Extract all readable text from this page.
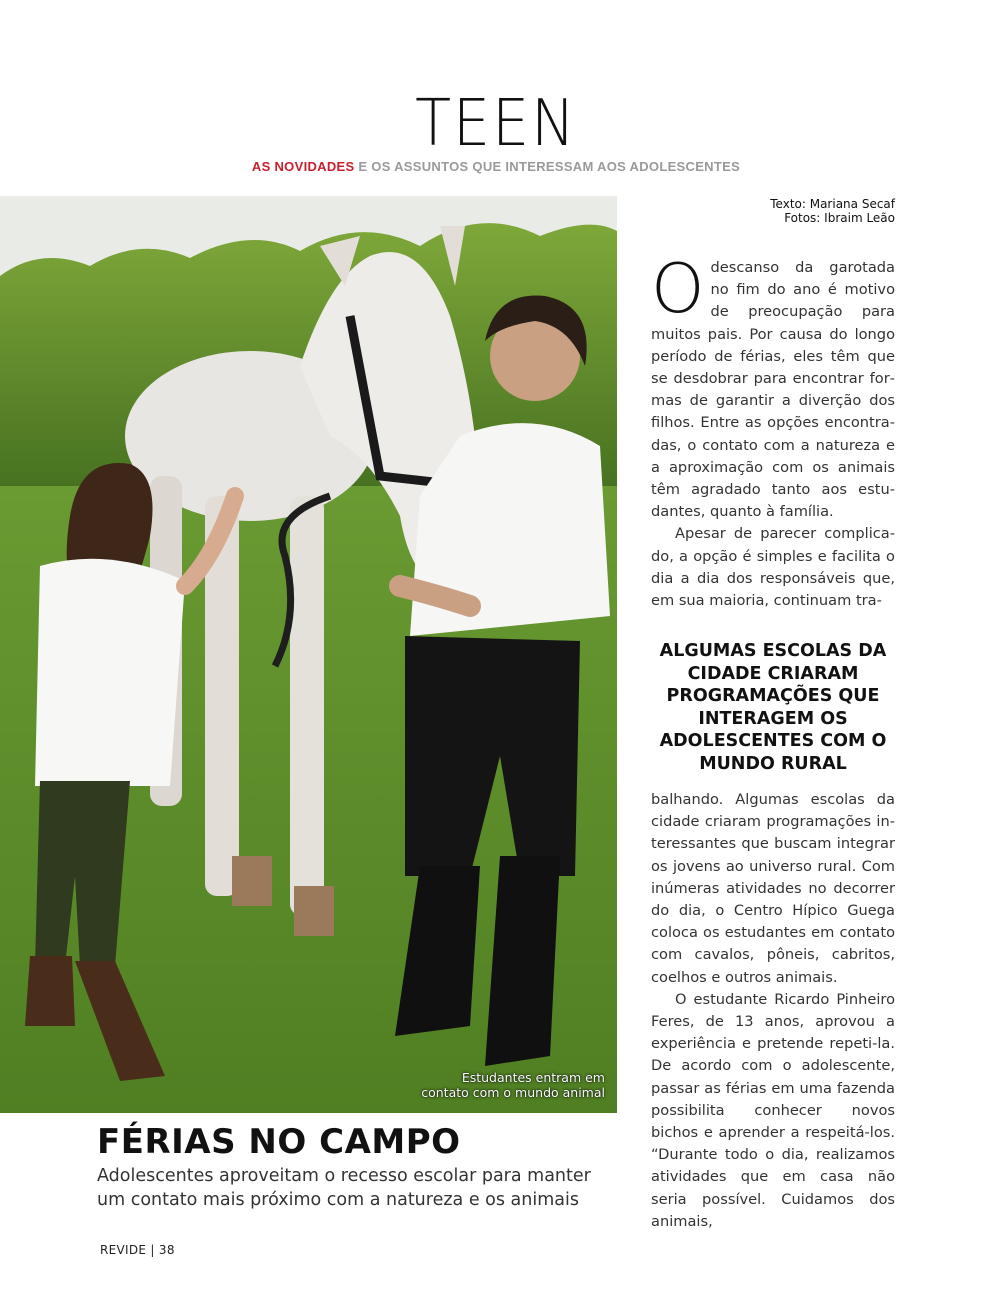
TEEN
AS NOVIDADES E OS ASSUNTOS QUE INTERESSAM AOS ADOLESCENTES
Texto: Mariana Secaf
Fotos: Ibraim Leão
Estudantes entram em
contato com o mundo animal
FÉRIAS NO CAMPO
Adolescentes aproveitam o recesso escolar para manter um contato mais próximo com a natureza e os animais

Odescanso da garotada no fim do ano é motivo de preocupação para muitos pais. Por causa do longo período de férias, eles têm que se desdobrar para encontrar formas de garantir a diverção dos filhos. Entre as opções encontradas, o contato com a natureza e a aproximação com os animais têm agradado tanto aos estudantes, quanto à família.

Apesar de parecer complicado, a opção é simples e facilita o dia a dia dos responsáveis que, em sua maioria, continuam tra-

ALGUMAS ESCOLAS DA CIDADE CRIARAM PROGRAMAÇÕES QUE INTERAGEM OS ADOLESCENTES COM O MUNDO RURAL

balhando. Algumas escolas da cidade criaram programações interessantes que buscam integrar os jovens ao universo rural. Com inúmeras atividades no decorrer do dia, o Centro Hípico Guega coloca os estudantes em contato com cavalos, pôneis, cabritos, coelhos e outros animais.

O estudante Ricardo Pinheiro Feres, de 13 anos, aprovou a experiência e pretende repeti-la. De acordo com o adolescente, passar as férias em uma fazenda possibilita conhecer novos bichos e aprender a respeitá-los. “Durante todo o dia, realizamos atividades que em casa não seria possível. Cuidamos dos animais,

REVIDE | 38
